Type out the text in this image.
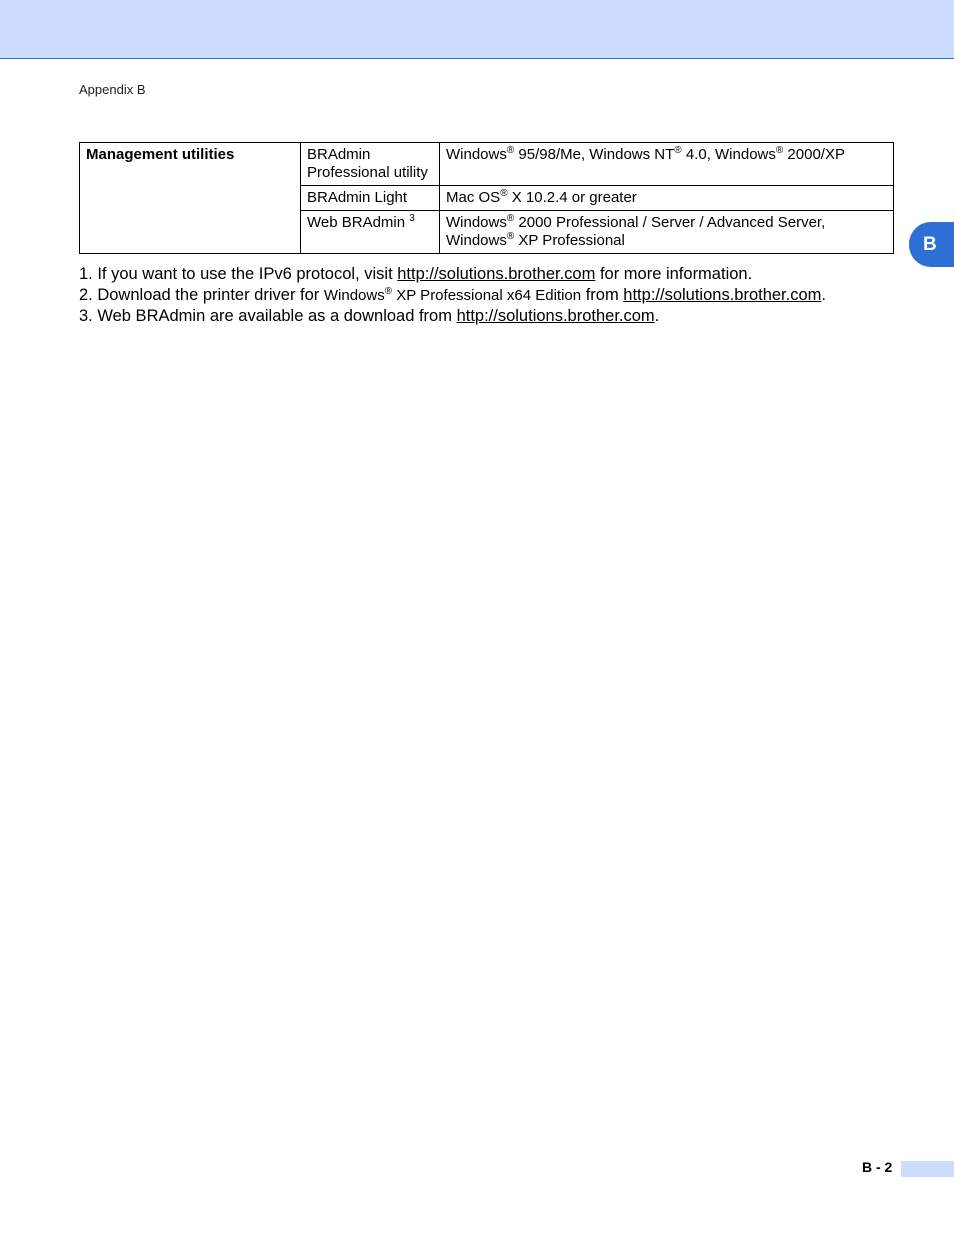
Appendix B
Management utilities	BRAdmin Professional utility	Windows® 95/98/Me, Windows NT® 4.0, Windows® 2000/XP
	BRAdmin Light	Mac OS® X 10.2.4 or greater
	Web BRAdmin $^3$	Windows® 2000 Professional / Server / Advanced Server,
Windows® XP Professional
1. If you want to use the IPv6 protocol, visit http://solutions.brother.com for more information.
2. Download the printer driver for Windows® XP Professional x64 Edition from http://solutions.brother.com.
3. Web BRAdmin are available as a download from http://solutions.brother.com.
B
B - 2
